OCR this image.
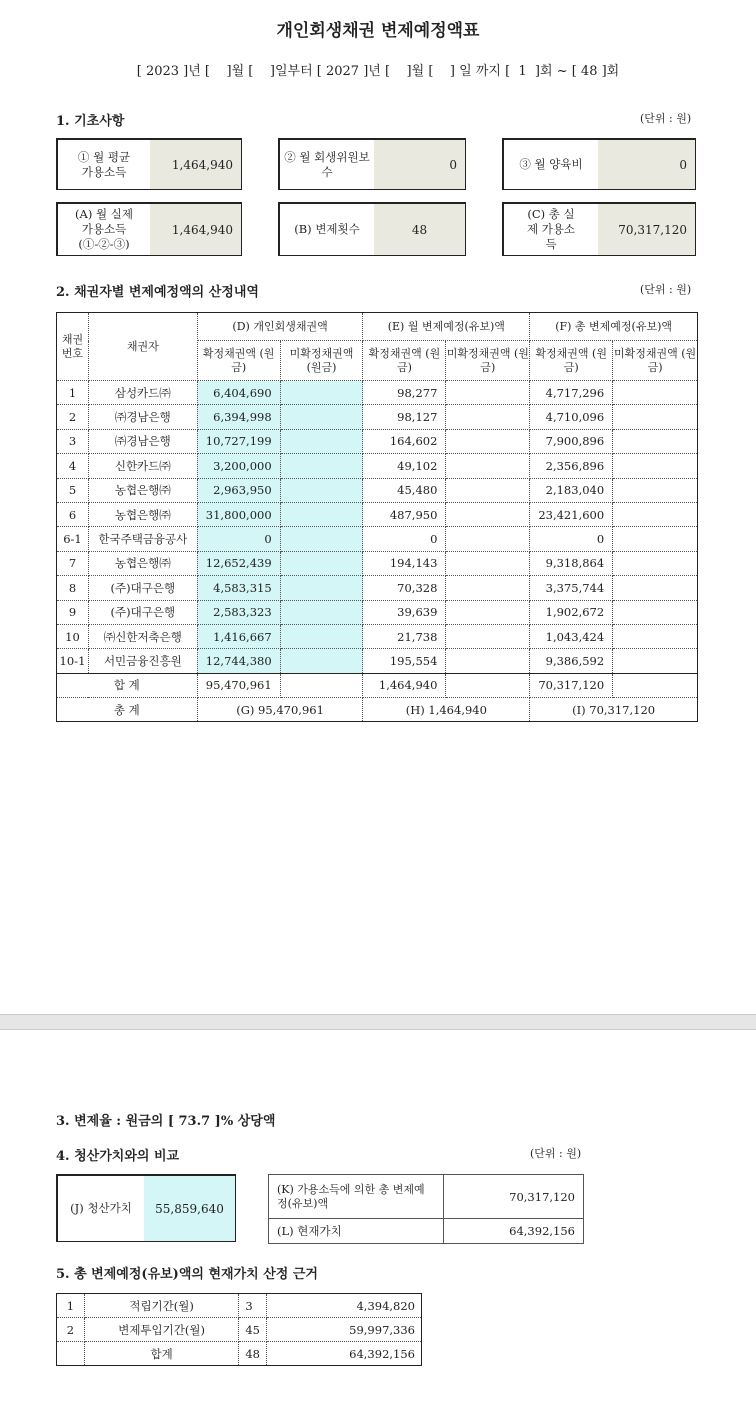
개인회생채권 변제예정액표
[ 2023 ]년 [    ]월 [    ]일부터 [ 2027 ]년 [    ]월 [    ] 일 까지 [  1  ]회 ~ [ 48 ]회
1. 기초사항	(단위 : 원)
① 월 평균 가용소득	1,464,940
② 월 회생위원보수	0	③ 월 양육비	0
(A) 월 실제 가용소득 (①-②-③)
1,464,940	(B) 변제횟수	48
(C) 총 실제 가용소득
70,317,120
2. 채권자별 변제예정액의 산정내역	(단위 : 원)
채권 번호	채권자	(D) 개인회생채권액		(E) 월 변제예정(유보)액		(F) 총 변제예정(유보)액	
		확정채권액 (원금)	미확정채권액 (원금)	확정채권액 (원금)	미확정채권액 (원금)	확정채권액 (원금)	미확정채권액 (원금)
1	삼성카드㈜	6,404,690		98,277		4,717,296	
2	㈜경남은행	6,394,998		98,127		4,710,096	
3	㈜경남은행	10,727,199		164,602		7,900,896	
4	신한카드㈜	3,200,000		49,102		2,356,896	
5	농협은행㈜	2,963,950		45,480		2,183,040	
6	농협은행㈜	31,800,000		487,950		23,421,600	
6-1	한국주택금융공사	0		0		0	
7	농협은행㈜	12,652,439		194,143		9,318,864	
8	(주)대구은행	4,583,315		70,328		3,375,744	
9	(주)대구은행	2,583,323		39,639		1,902,672	
10	㈜신한저축은행	1,416,667		21,738		1,043,424	
10-1	서민금융진흥원	12,744,380		195,554		9,386,592	
합 계		95,470,961		1,464,940		70,317,120	
총 계		(G) 95,470,961		(H) 1,464,940		(I) 70,317,120	
3. 변제율 : 원금의 [ 73.7 ]% 상당액
4. 청산가치와의 비교	(단위 : 원)
(J) 청산가치	55,859,640
(K) 가용소득에 의한 총 변제예정(유보)액	70,317,120
(L) 현재가치	64,392,156
5. 총 변제예정(유보)액의 현재가치 산정 근거
1	적립기간(월)	3	4,394,820
2	변제투입기간(월)	45	59,997,336
	합계	48	64,392,156
